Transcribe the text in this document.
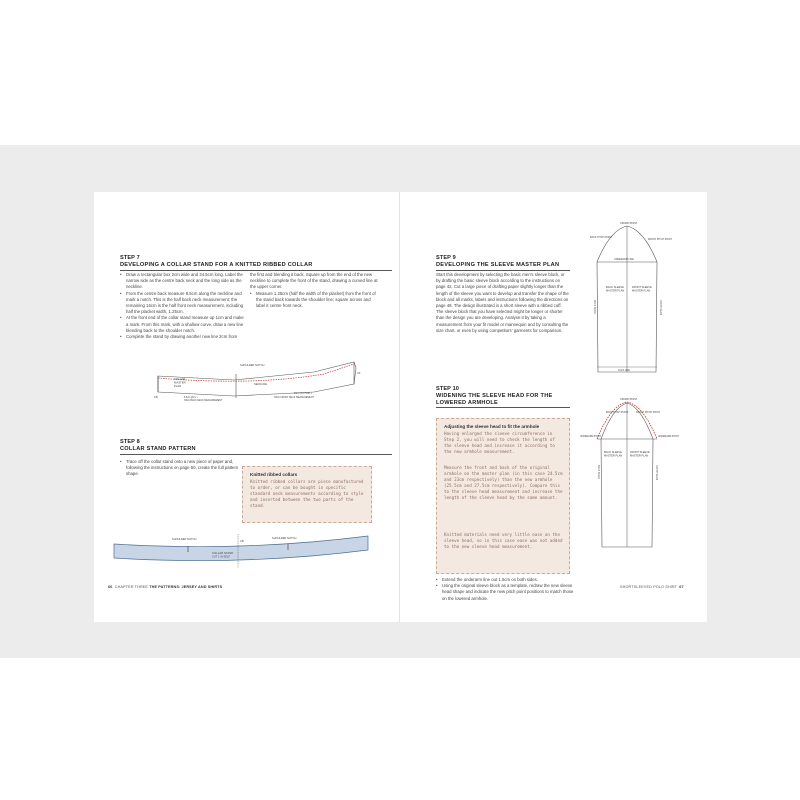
STEP 7
DEVELOPING A COLLAR STAND FOR A KNITTED RIBBED COLLAR
• Draw a rectangular box 2cm wide and 24.5cm long. Label the narrow side as the centre back neck and the long side as the neckline.
• From the centre back measure 8.5cm along the neckline and mark a notch. This is the half back neck measurement; the remaining 16cm is the half front neck measurement, including half the placket width, 1.25cm.
• At the front end of the collar stand measure up 1cm and make a mark. From this mark, with a shallow curve, draw a new line blending back to the shoulder notch.
• Complete the stand by drawing another new line 2cm from
the first and blending it back. Square up from the end of the new neckline to complete the front of the stand, drawing a curved line at the upper corner.
• Measure 1.25cm (half the width of the placket) from the front of the stand back towards the shoulder line; square across and label it centre front neck.
SHOULDER NOTCH
COLLAR
MASTER
PLAN	NECKLINE
CB	8.5cm (8cm +
HALF BACK NECK MEASUREMENT
16cm (14.75cm +
HALF FRONT NECK MEASUREMENT
CF
STEP 8
COLLAR STAND PATTERN
• Trace off the collar stand onto a new piece of paper and, following the instructions on page 50, create the full pattern shape.	Knitted ribbed collars
Knitted ribbed collars are piece manufactured to order, or can be bought in specific standard neck measurements according to style and inserted between the two parts of the stand.
SHOULDER NOTCH	SHOULDER NOTCH
COLLAR STAND
CUT 1 IN SELF
CB
66 CHAPTER THREE THE PATTERNS: JERSEY AND SHIRTS
STEP 9
DEVELOPING THE SLEEVE MASTER PLAN
Start this development by selecting the basic men's sleeve block, or by drafting the basic sleeve block according to the instructions on page 42. Cut a large piece of drafting paper slightly longer than the length of the sleeve you want to develop and transfer the shape of the block and all marks, labels and instructions following the directions on page 48. The design illustrated is a short sleeve with a ribbed cuff. The sleeve block that you have selected might be longer or shorter than the design you are developing. Analyse it by taking a measurement from your fit model or mannequin and by consulting the size chart, or even by using competitors' garments for comparison.
STEP 10
WIDENING THE SLEEVE HEAD FOR THE LOWERED ARMHOLE
Adjusting the sleeve head to fit the armhole
Having enlarged the sleeve circumference in Step 2, you will need to check the length of the sleeve head and increase it according to the new armhole measurement.
Measure the front and back of the original armhole on the master plan (in this case 24.5cm and 23cm respectively) than the new armhole (25.5cm and 27.5cm respectively). Compare this to the sleeve head measurement and increase the length of the sleeve head by the same amount.
Knitted materials need very little ease on the sleeve head, so in this case ease was not added to the new sleeve head measurement.
• Extend the underarm line out 1.5cm on both sides.
• Using the original sleeve block as a template, redraw the new sleeve head shape and indicate the new pitch point positions to match those on the lowered armhole.
CROWN POINT
BACK PITCH POINT
FRONT PITCH POINT
UNDERARM LINE
BACK SLEEVE
MASTER PLAN
FRONT SLEEVE
MASTER PLAN
BACK SEAM	FRONT SEAM
CUFF LINE
CROWN POINT
BACK PITCH POINT	FRONT PITCH POINT
UNDERARM POINT	UNDERARM POINT
BACK SLEEVE
MASTER PLAN
FRONT SLEEVE
MASTER PLAN
BACK SEAM	FRONT SEAM
SHORTSLEEVED POLO SHIRT 67
